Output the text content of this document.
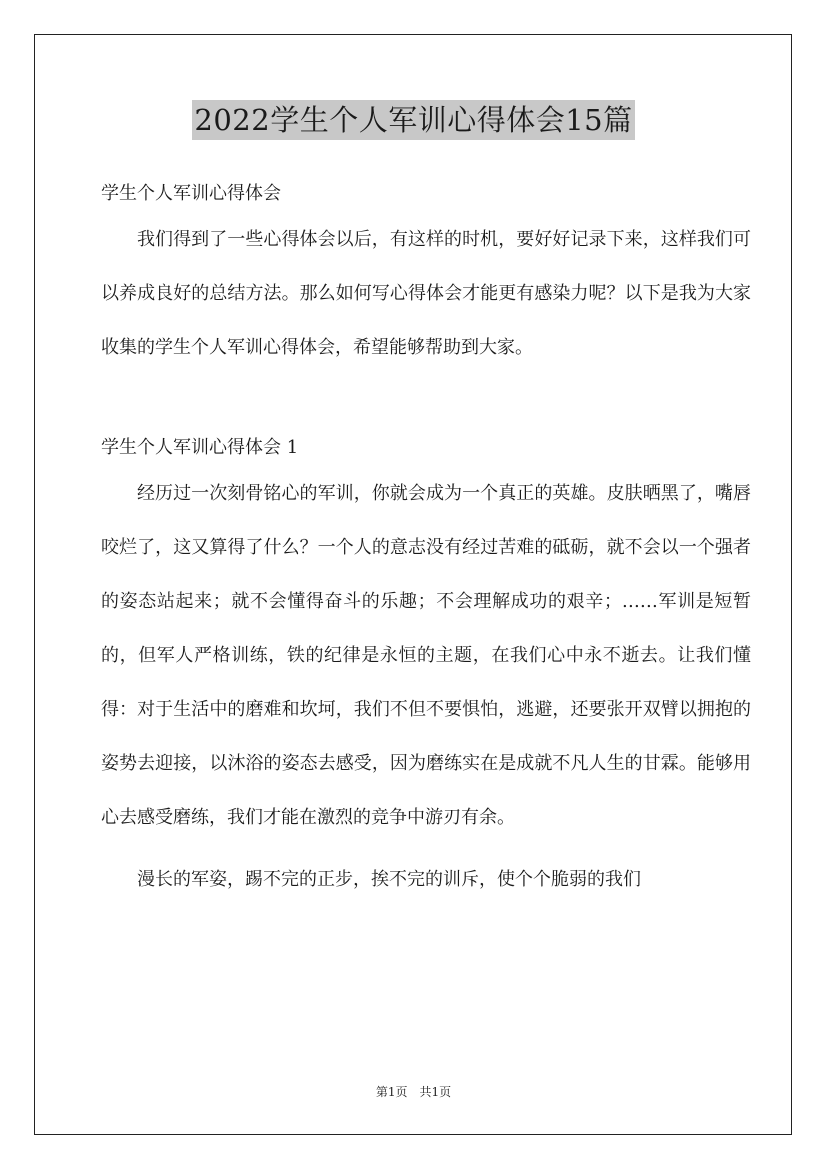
2022学生个人军训心得体会15篇

学生个人军训心得体会

我们得到了一些心得体会以后，有这样的时机，要好好记录下来，这样我们可以养成良好的总结方法。那么如何写心得体会才能更有感染力呢？以下是我为大家收集的学生个人军训心得体会，希望能够帮助到大家。

学生个人军训心得体会 1

经历过一次刻骨铭心的军训，你就会成为一个真正的英雄。皮肤晒黑了，嘴唇咬烂了，这又算得了什么？一个人的意志没有经过苦难的砥砺，就不会以一个强者的姿态站起来；就不会懂得奋斗的乐趣；不会理解成功的艰辛；……军训是短暂的，但军人严格训练，铁的纪律是永恒的主题，在我们心中永不逝去。让我们懂得：对于生活中的磨难和坎坷，我们不但不要惧怕，逃避，还要张开双臂以拥抱的姿势去迎接，以沐浴的姿态去感受，因为磨练实在是成就不凡人生的甘霖。能够用心去感受磨练，我们才能在激烈的竞争中游刃有余。

漫长的军姿，踢不完的正步，挨不完的训斥，使个个脆弱的我们

第1页　共1页
